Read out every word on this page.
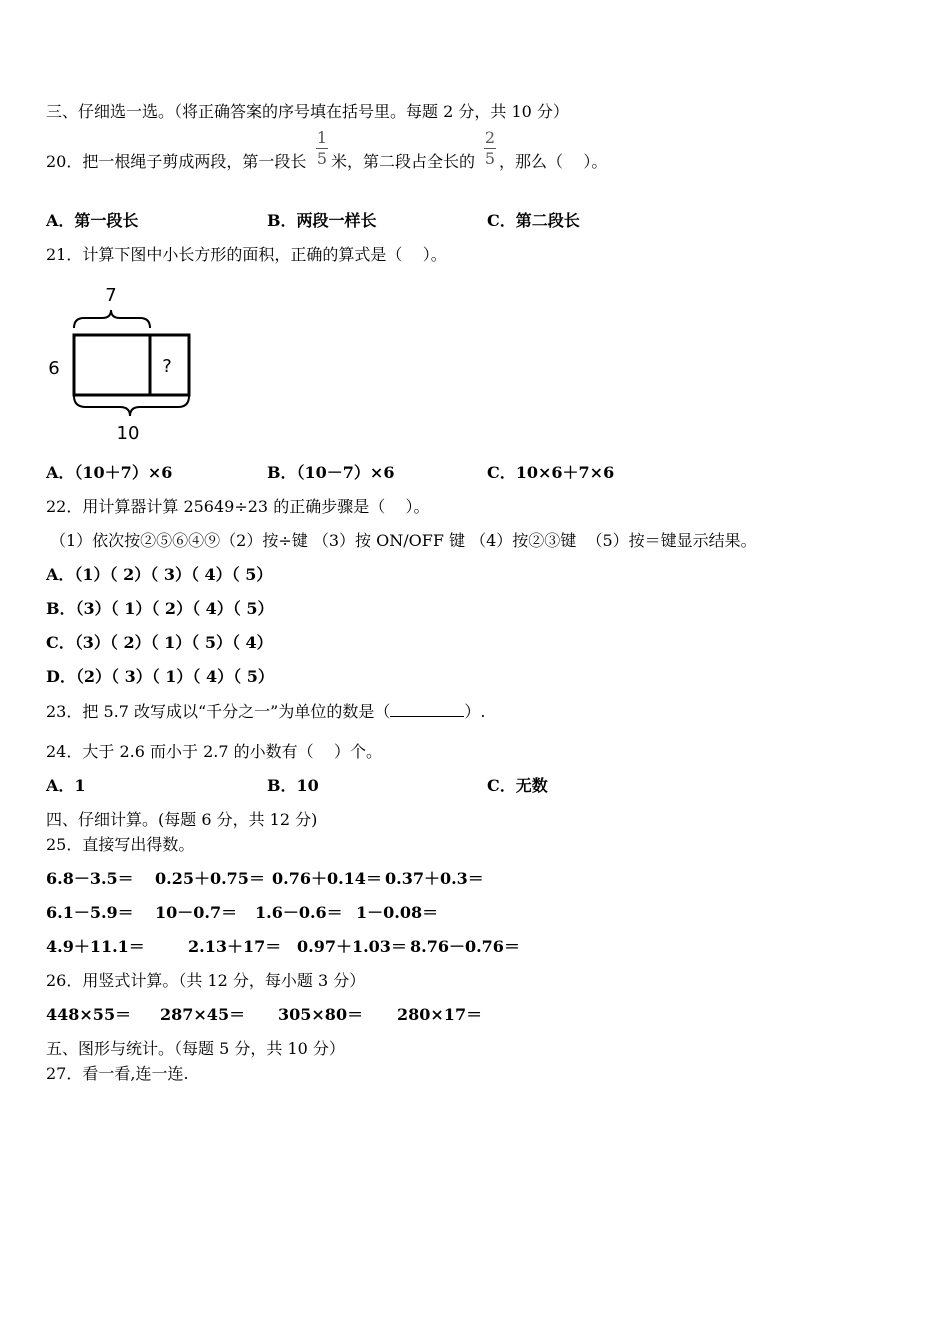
三、仔细选一选。（将正确答案的序号填在括号里。每题 2 分，共 10 分）
20．把一根绳子剪成两段，第一段长
1
5 米，第二段占全长的
2
5 ，那么（    ）。
A．第一段长	B．两段一样长	C．第二段长
21．计算下图中小长方形的面积，正确的算式是（    ）。
7
?
6
10
A．（10＋7）×6	B．（10－7）×6	C．10×6＋7×6
22．用计算器计算 25649÷23 的正确步骤是（    ）。
（1）依次按②⑤⑥④⑨（2）按÷键 （3）按 ON/OFF 键 （4）按②③键  （5）按＝键显示结果。
A．（1）（ 2）（ 3）（ 4）（ 5）
B．（3）（ 1）（ 2）（ 4）（ 5）
C．（3）（ 2）（ 1）（ 5）（ 4）
D．（2）（ 3）（ 1）（ 4）（ 5）
23．把 5.7 改写成以“千分之一”为单位的数是（	）.
24．大于 2.6 而小于 2.7 的小数有（    ）个。
A．1	B．10	C．无数
四、仔细计算。(每题 6 分，共 12 分)
25．直接写出得数。
6.8－3.5＝ 0.25＋0.75＝ 0.76＋0.14＝ 0.37＋0.3＝
6.1－5.9＝ 10－0.7＝ 1.6－0.6＝ 1－0.08＝
4.9＋11.1＝	2.13＋17＝ 0.97＋1.03＝ 8.76－0.76＝
26．用竖式计算。（共 12 分，每小题 3 分）
448×55＝ 287×45＝ 305×80＝ 280×17＝
五、图形与统计。（每题 5 分，共 10 分）
27．看一看,连一连.
